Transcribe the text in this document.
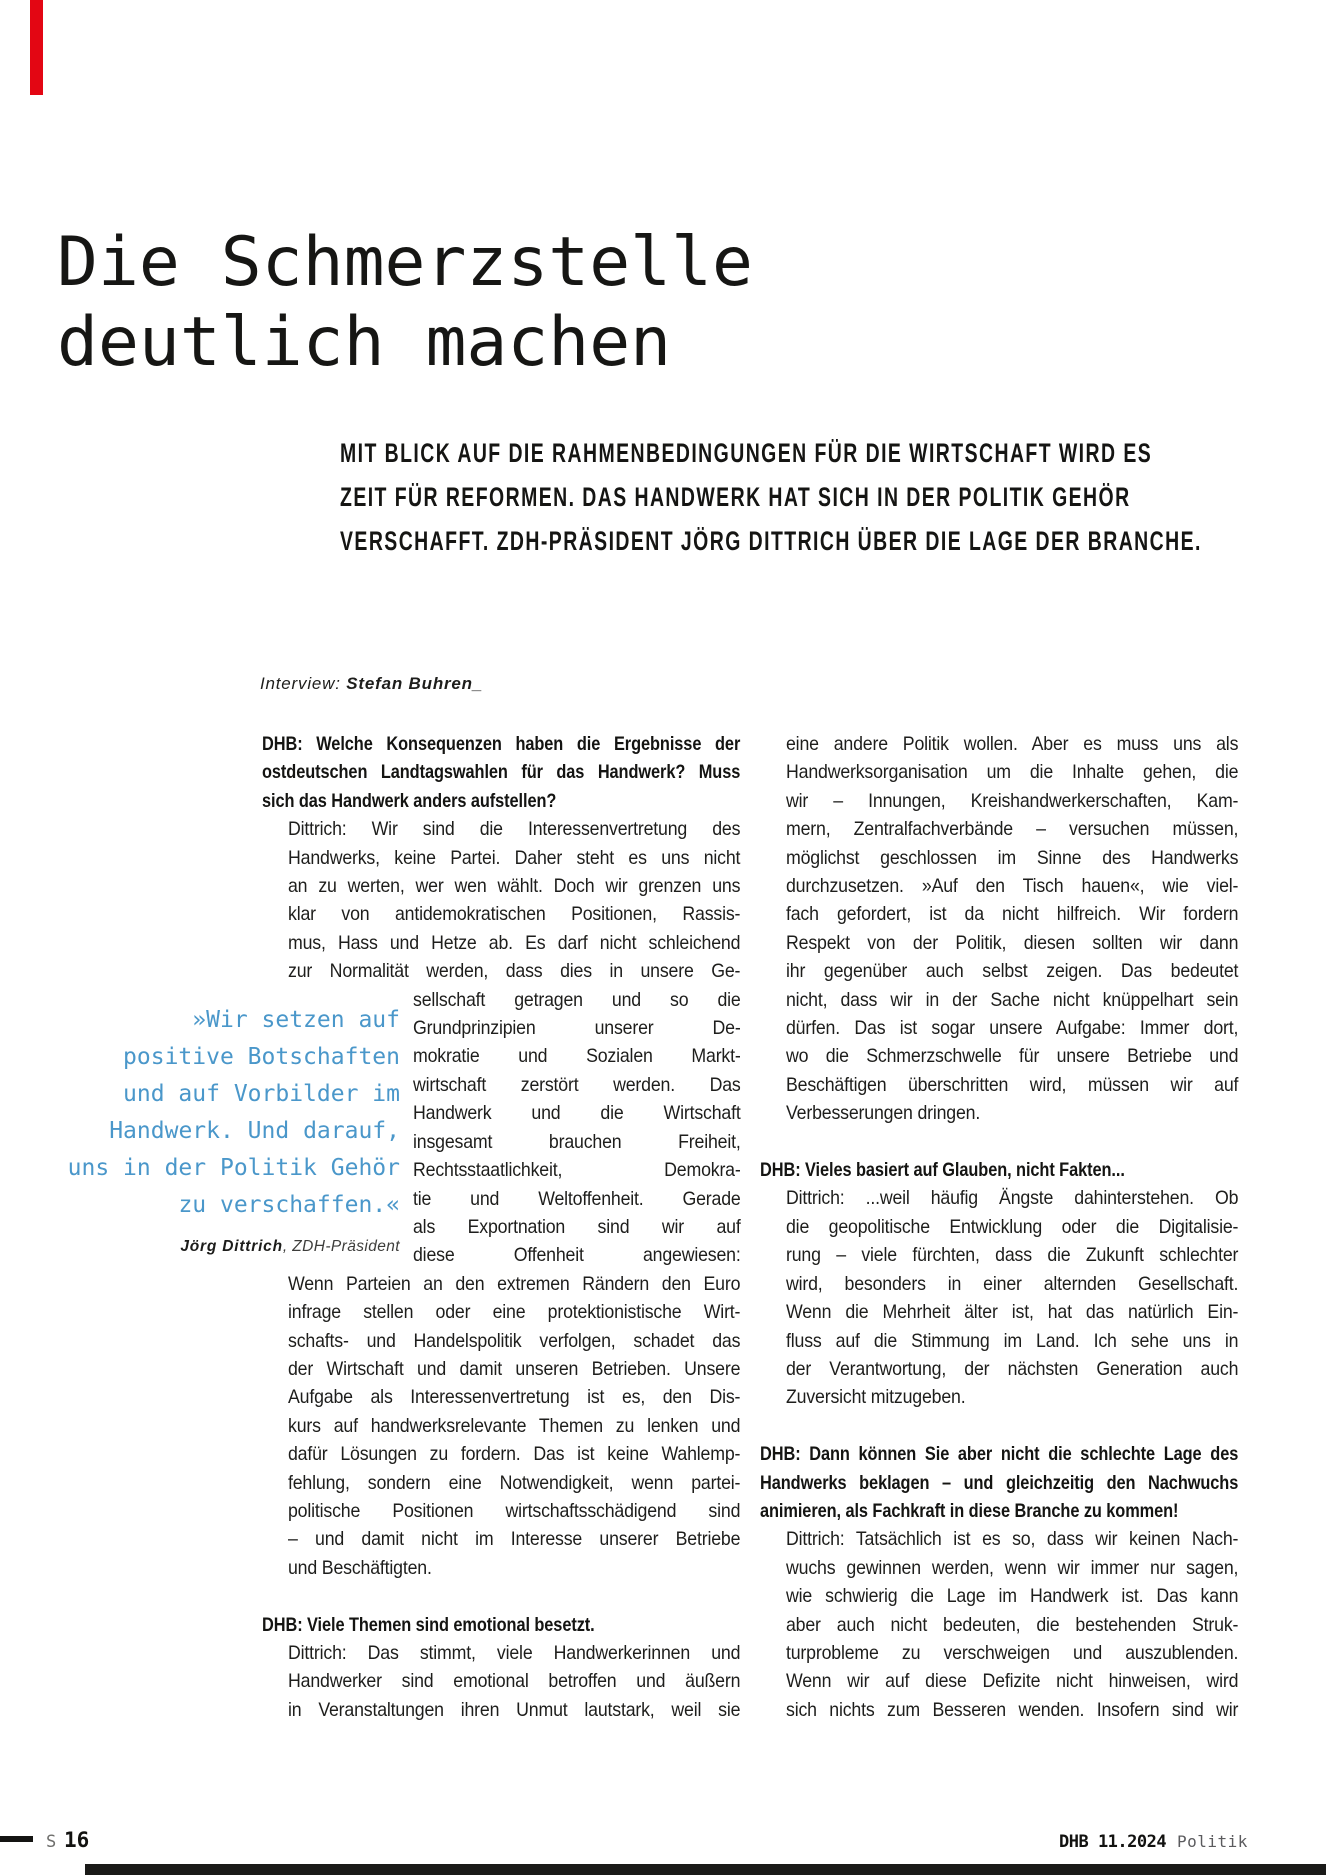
Die Schmerzstelle
deutlich machen
MIT BLICK AUF DIE RAHMENBEDINGUNGEN FÜR DIE WIRTSCHAFT WIRD ES
ZEIT FÜR REFORMEN. DAS HANDWERK HAT SICH IN DER POLITIK GEHÖR
VERSCHAFFT. ZDH-PRÄSIDENT JÖRG DITTRICH ÜBER DIE LAGE DER BRANCHE.
Interview: Stefan Buhren_
DHB: Welche Konsequenzen haben die Ergebnisse der
ostdeutschen Landtagswahlen für das Handwerk? Muss
sich das Handwerk anders aufstellen?
Dittrich: Wir sind die Interessenvertretung des
Handwerks, keine Partei. Daher steht es uns nicht
an zu werten, wer wen wählt. Doch wir grenzen uns
klar von antidemokratischen Positionen, Rassis-
mus, Hass und Hetze ab. Es darf nicht schleichend
zur Normalität werden, dass dies in unsere Ge-
sellschaft getragen und so die
Grundprinzipien unserer De-
mokratie und Sozialen Markt-
wirtschaft zerstört werden. Das
Handwerk und die Wirtschaft
insgesamt brauchen Freiheit,
Rechtsstaatlichkeit, Demokra-
tie und Weltoffenheit. Gerade
als Exportnation sind wir auf
diese Offenheit angewiesen:
Wenn Parteien an den extremen Rändern den Euro
infrage stellen oder eine protektionistische Wirt-
schafts- und Handelspolitik verfolgen, schadet das
der Wirtschaft und damit unseren Betrieben. Unsere
Aufgabe als Interessenvertretung ist es, den Dis-
kurs auf handwerksrelevante Themen zu lenken und
dafür Lösungen zu fordern. Das ist keine Wahlemp-
fehlung, sondern eine Notwendigkeit, wenn partei-
politische Positionen wirtschaftsschädigend sind
– und damit nicht im Interesse unserer Betriebe
und Beschäftigten.
DHB: Viele Themen sind emotional besetzt.
Dittrich: Das stimmt, viele Handwerkerinnen und
Handwerker sind emotional betroffen und äußern
in Veranstaltungen ihren Unmut lautstark, weil sie
eine andere Politik wollen. Aber es muss uns als
Handwerksorganisation um die Inhalte gehen, die
wir – Innungen, Kreishandwerkerschaften, Kam-
mern, Zentralfachverbände – versuchen müssen,
möglichst geschlossen im Sinne des Handwerks
durchzusetzen. »Auf den Tisch hauen«, wie viel-
fach gefordert, ist da nicht hilfreich. Wir fordern
Respekt von der Politik, diesen sollten wir dann
ihr gegenüber auch selbst zeigen. Das bedeutet
nicht, dass wir in der Sache nicht knüppelhart sein
dürfen. Das ist sogar unsere Aufgabe: Immer dort,
wo die Schmerzschwelle für unsere Betriebe und
Beschäftigen überschritten wird, müssen wir auf
Verbesserungen dringen.
DHB: Vieles basiert auf Glauben, nicht Fakten...
Dittrich: ...weil häufig Ängste dahinterstehen. Ob
die geopolitische Entwicklung oder die Digitalisie-
rung – viele fürchten, dass die Zukunft schlechter
wird, besonders in einer alternden Gesellschaft.
Wenn die Mehrheit älter ist, hat das natürlich Ein-
fluss auf die Stimmung im Land. Ich sehe uns in
der Verantwortung, der nächsten Generation auch
Zuversicht mitzugeben.
DHB: Dann können Sie aber nicht die schlechte Lage des
Handwerks beklagen – und gleichzeitig den Nachwuchs
animieren, als Fachkraft in diese Branche zu kommen!
Dittrich: Tatsächlich ist es so, dass wir keinen Nach-
wuchs gewinnen werden, wenn wir immer nur sagen,
wie schwierig die Lage im Handwerk ist. Das kann
aber auch nicht bedeuten, die bestehenden Struk-
turprobleme zu verschweigen und auszublenden.
Wenn wir auf diese Defizite nicht hinweisen, wird
sich nichts zum Besseren wenden. Insofern sind wir
»Wir setzen auf
positive Botschaften
und auf Vorbilder im
Handwerk. Und darauf,
uns in der Politik Gehör
zu verschaffen.«
Jörg Dittrich, ZDH-Präsident
S 16	DHB 11.2024 Politik
